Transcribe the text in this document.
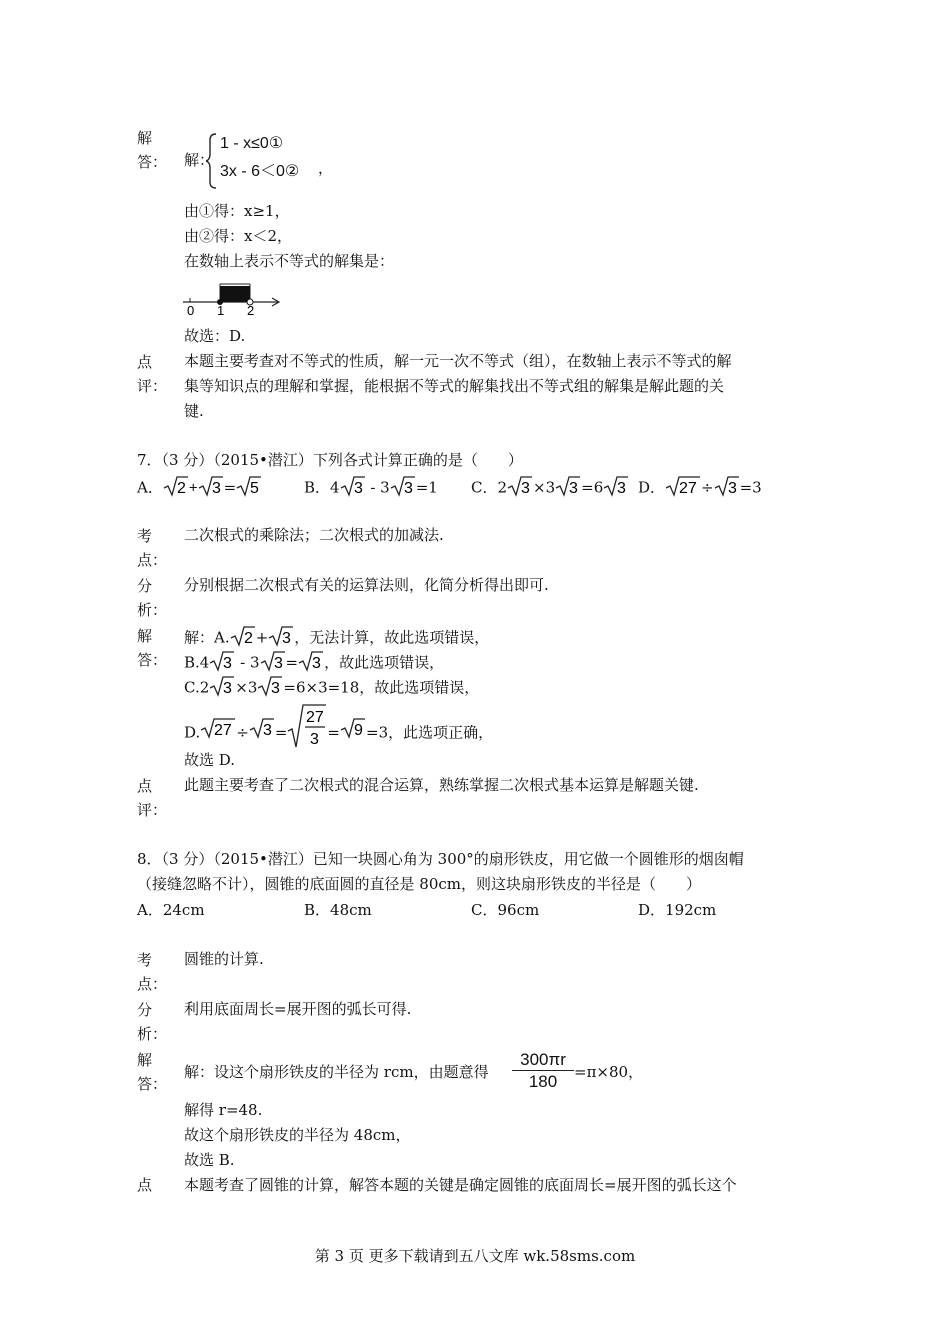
解答： 解：
1 - x≤0①
3x - 6＜0② ，
由①得：x≥1，
由②得：x＜2，
在数轴上表示不等式的解集是：
0 1 2
故选：D.
点评：
本题主要考查对不等式的性质，解一元一次不等式（组），在数轴上表示不等式的解
集等知识点的理解和掌握，能根据不等式的解集找出不等式组的解集是解此题的关
键.
7．（3 分）（2015•潜江）下列各式计算正确的是（　　）
A． 2 + 3 = 5	B．4 3 - 3 3 =1 C．2 3 ×3 3 =6 3 D． 27 ÷ 3 =3
考点：
二次根式的乘除法；二次根式的加减法.
分析：
分别根据二次根式有关的运算法则，化简分析得出即可.
解答：
解：A. 2 + 3 ，无法计算，故此选项错误，
B.4 3 - 3 3 = 3 ，故此选项错误，
C.2 3 ×3 3 =6×3=18，故此选项错误，
D. 27 ÷ 3 =
27
3 = 9 =3，此选项正确，
故选 D.
点评：
此题主要考查了二次根式的混合运算，熟练掌握二次根式基本运算是解题关键.
8．（3 分）（2015•潜江）已知一块圆心角为 300°的扇形铁皮，用它做一个圆锥形的烟囱帽
（接缝忽略不计），圆锥的底面圆的直径是 80cm，则这块扇形铁皮的半径是（　　）
A．24cm	B．48cm	C．96cm	D．192cm
考点：
圆锥的计算.
分析：
利用底面周长=展开图的弧长可得.
解答：
解：设这个扇形铁皮的半径为 rcm，由题意得 $\frac{300\pi r}{180} =\pi\times 80$，
解得 r=48.
故这个扇形铁皮的半径为 48cm，
故选 B.
点 本题考查了圆锥的计算，解答本题的关键是确定圆锥的底面周长=展开图的弧长这个
第 3 页 更多下载请到五八文库 wk.58sms.com
